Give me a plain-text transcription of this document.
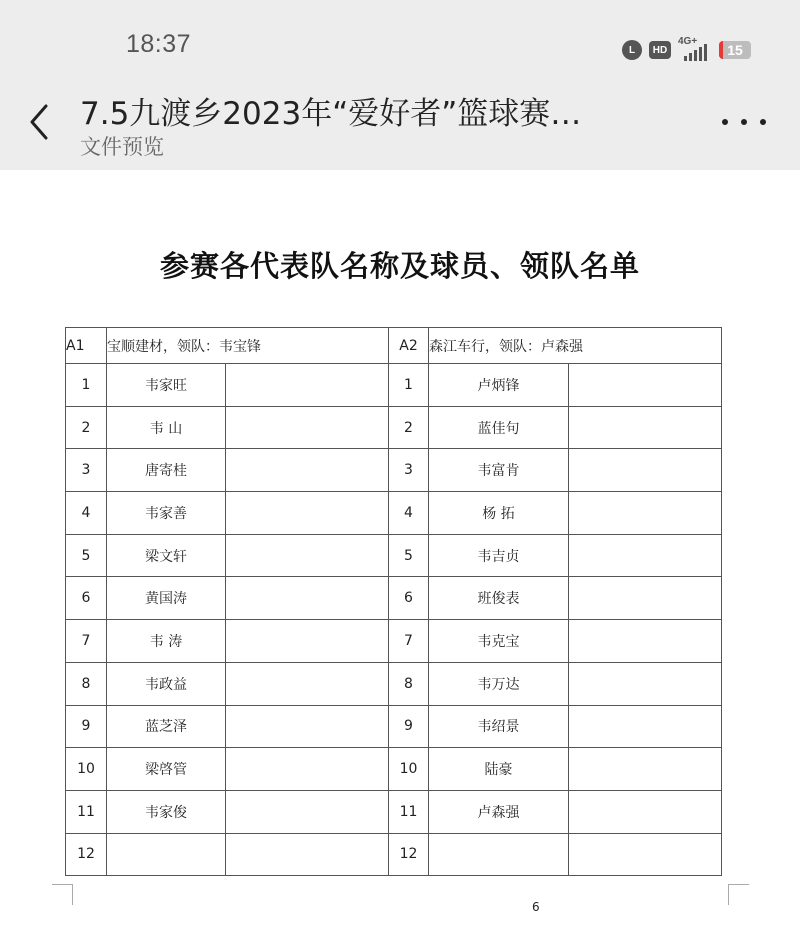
18:37	L	HD
4G+
15
7.5九渡乡2023年“爱好者”篮球赛…
文件预览
参赛各代表队名称及球员、领队名单
A1	宝顺建材，领队：韦宝锋		A2	森江车行，领队：卢森强	
1	韦家旺		1	卢炳锋	
2	韦 山		2	蓝佳句	
3	唐寄桂		3	韦富肯	
4	韦家善		4	杨 拓	
5	梁文轩		5	韦吉贞	
6	黄国涛		6	班俊表	
7	韦 涛		7	韦克宝	
8	韦政益		8	韦万达	
9	蓝芝泽		9	韦绍景	
10	梁啓管		10	陆豪	
11	韦家俊		11	卢森强	
12			12		
6
